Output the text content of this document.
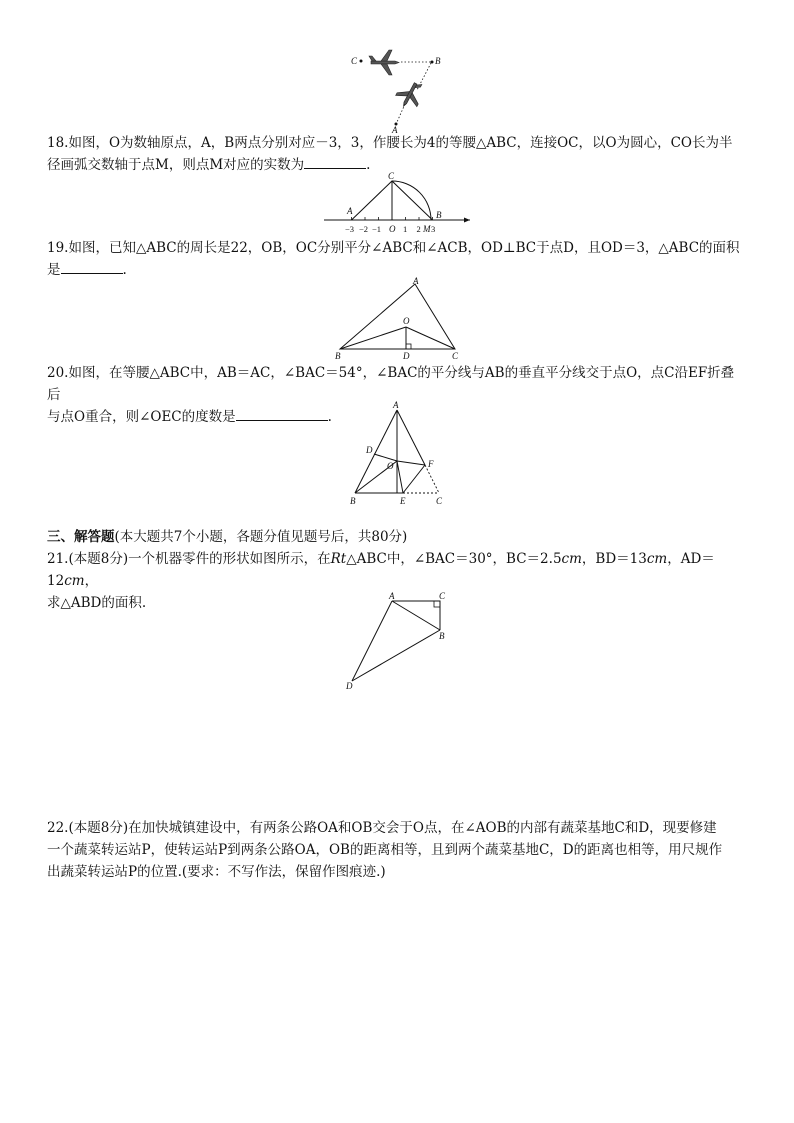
C	B
A
18.如图，O为数轴原点，A，B两点分别对应－3，3，作腰长为4的等腰△ABC，连接OC，以O为圆心，CO长为半
径画弧交数轴于点M，则点M对应的实数为	.
C
A	B
−3 −2 −1 O 1 2 M 3
19.如图，已知△ABC的周长是22，OB，OC分别平分∠ABC和∠ACB，OD⊥BC于点D，且OD＝3，△ABC的面积
是	.
A
O
B	D	C
20.如图，在等腰△ABC中，AB＝AC，∠BAC＝54°，∠BAC的平分线与AB的垂直平分线交于点O，点C沿EF折叠后
与点O重合，则∠OEC的度数是	.
A
D
O	F
B	E	C
三、解答题(本大题共7个小题，各题分值见题号后，共80分)
21.(本题8分)一个机器零件的形状如图所示，在Rt△ABC中，∠BAC＝30°，BC＝2.5cm，BD＝13cm，AD＝12cm，
求△ABD的面积.	A	C
B
D
22.(本题8分)在加快城镇建设中，有两条公路OA和OB交会于O点，在∠AOB的内部有蔬菜基地C和D，现要修建
一个蔬菜转运站P，使转运站P到两条公路OA，OB的距离相等，且到两个蔬菜基地C，D的距离也相等，用尺规作
出蔬菜转运站P的位置.(要求：不写作法，保留作图痕迹.)
